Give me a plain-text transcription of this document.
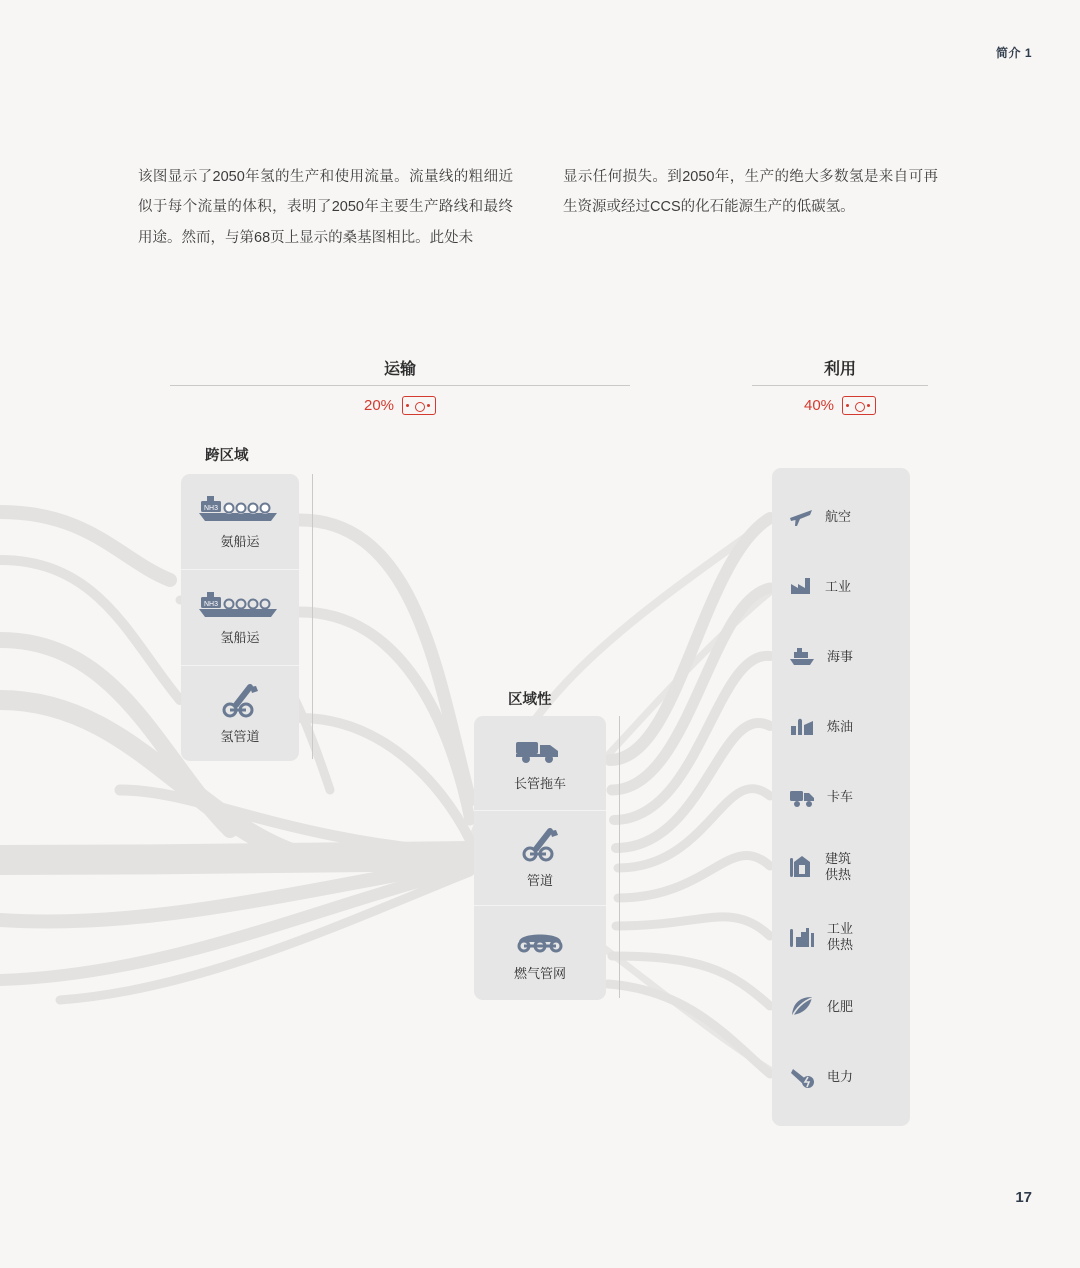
简介 1
该图显示了2050年氢的生产和使用流量。流量线的粗细近似于每个流量的体积，表明了2050年主要生产路线和最终用途。然而，与第68页上显示的桑基图相比。此处未
显示任何损失。到2050年，生产的绝大多数氢是来自可再生资源或经过CCS的化石能源生产的低碳氢。
运输
20%
利用
40%
跨区域
NH3
氨船运
NH3
氢船运
氢管道
区域性
长管拖车
管道
燃气管网
航空
工业
海事
炼油
卡车
建筑
供热
工业
供热
化肥
电力
17
